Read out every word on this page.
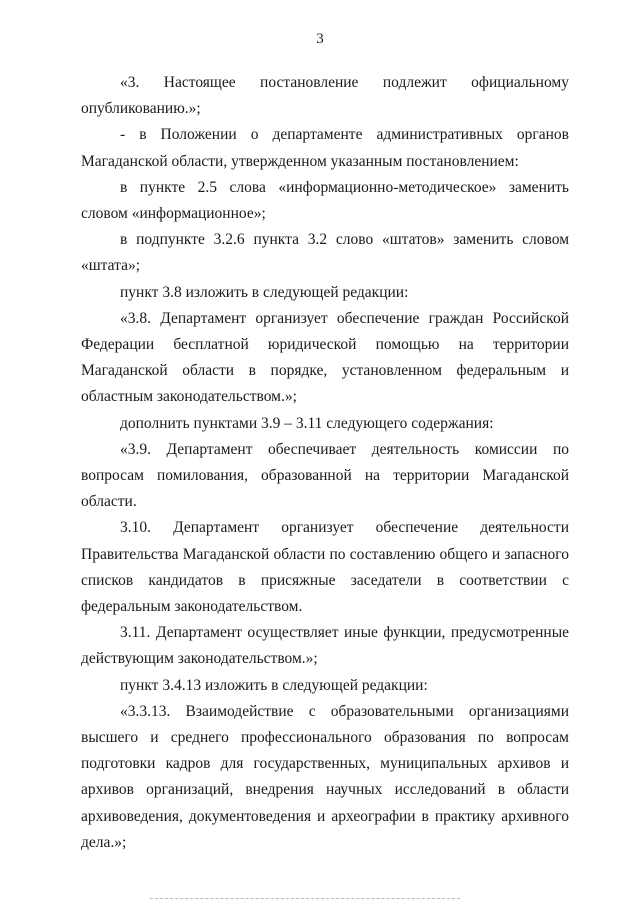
3

«3. Настоящее постановление подлежит официальному опубликованию.»;

- в Положении о департаменте административных органов Магаданской области, утвержденном указанным постановлением:

в пункте 2.5 слова «информационно-методическое» заменить словом «информационное»;

в подпункте 3.2.6 пункта 3.2 слово «штатов» заменить словом «штата»;

пункт 3.8 изложить в следующей редакции:

«3.8. Департамент организует обеспечение граждан Российской Федерации бесплатной юридической помощью на территории Магаданской области в порядке, установленном федеральным и областным законодательством.»;

дополнить пунктами 3.9 – 3.11 следующего содержания:

«3.9. Департамент обеспечивает деятельность комиссии по вопросам помилования, образованной на территории Магаданской области.

3.10. Департамент организует обеспечение деятельности Правительства Магаданской области по составлению общего и запасного списков кандидатов в присяжные заседатели в соответствии с федеральным законодательством.

3.11. Департамент осуществляет иные функции, предусмотренные действующим законодательством.»;

пункт 3.4.13 изложить в следующей редакции:

«3.3.13. Взаимодействие с образовательными организациями высшего и среднего профессионального образования по вопросам подготовки кадров для государственных, муниципальных архивов и архивов организаций, внедрения научных исследований в области архивоведения, документоведения и археографии в практику архивного дела.»;
